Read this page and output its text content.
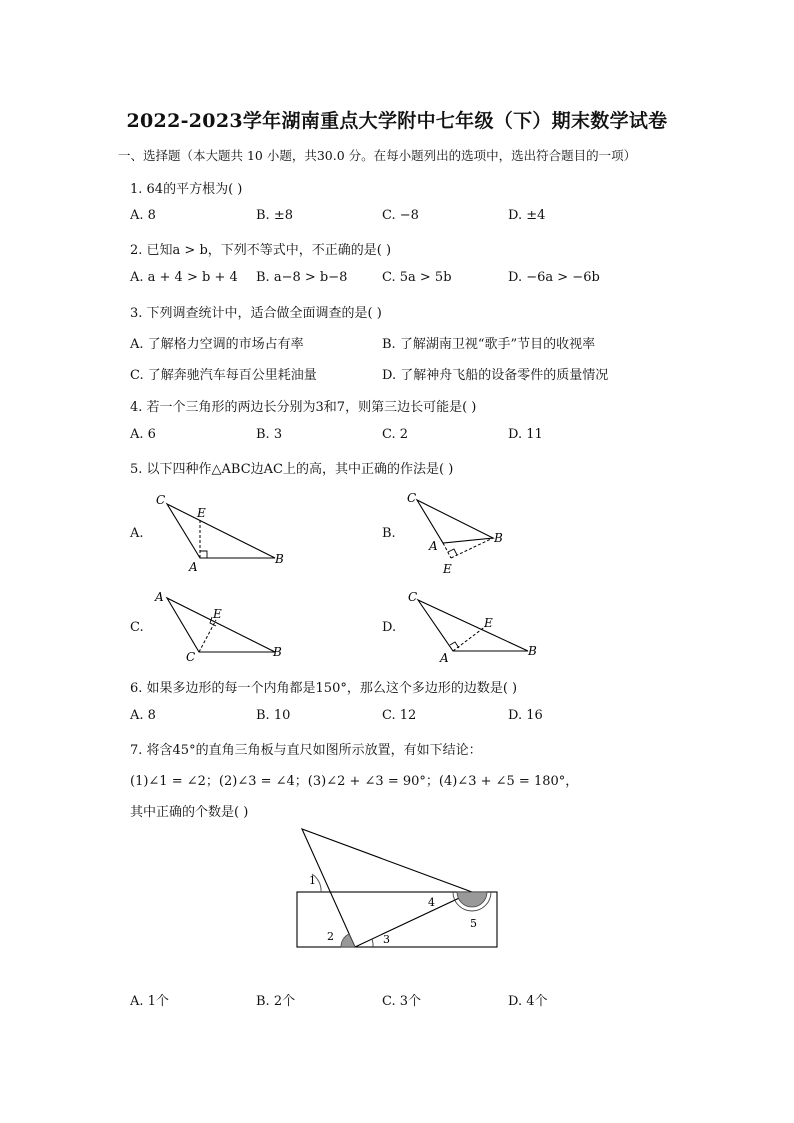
2022-2023学年湖南重点大学附中七年级（下）期末数学试卷
一、选择题（本大题共 10 小题，共30.0 分。在每小题列出的选项中，选出符合题目的一项）
1. 64的平方根为( )
A. 8	B. ±8	C. −8	D. ±4
2. 已知a > b，下列不等式中，不正确的是( )
A. a + 4 > b + 4 B. a−8 > b−8	C. 5a > 5b	D. −6a > −6b
3. 下列调查统计中，适合做全面调查的是( )
A. 了解格力空调的市场占有率	B. 了解湖南卫视“歌手”节目的收视率
C. 了解奔驰汽车每百公里耗油量	D. 了解神舟飞船的设备零件的质量情况
4. 若一个三角形的两边长分别为3和7，则第三边长可能是( )
A. 6	B. 3	C. 2	D. 11
5. 以下四种作△ABC边AC上的高，其中正确的作法是( )
A.	B.
C.	D.
C
E
A
B
C
A
B
E
A
E
C	B
C
E
A	B
6. 如果多边形的每一个内角都是150°，那么这个多边形的边数是( )
A. 8	B. 10	C. 12	D. 16
7. 将含45°的直角三角板与直尺如图所示放置，有如下结论：
(1)∠1 = ∠2；(2)∠3 = ∠4；(3)∠2 + ∠3 = 90°；(4)∠3 + ∠5 = 180°，
其中正确的个数是( )
1
2	3
4
5
A. 1个	B. 2个	C. 3个	D. 4个
